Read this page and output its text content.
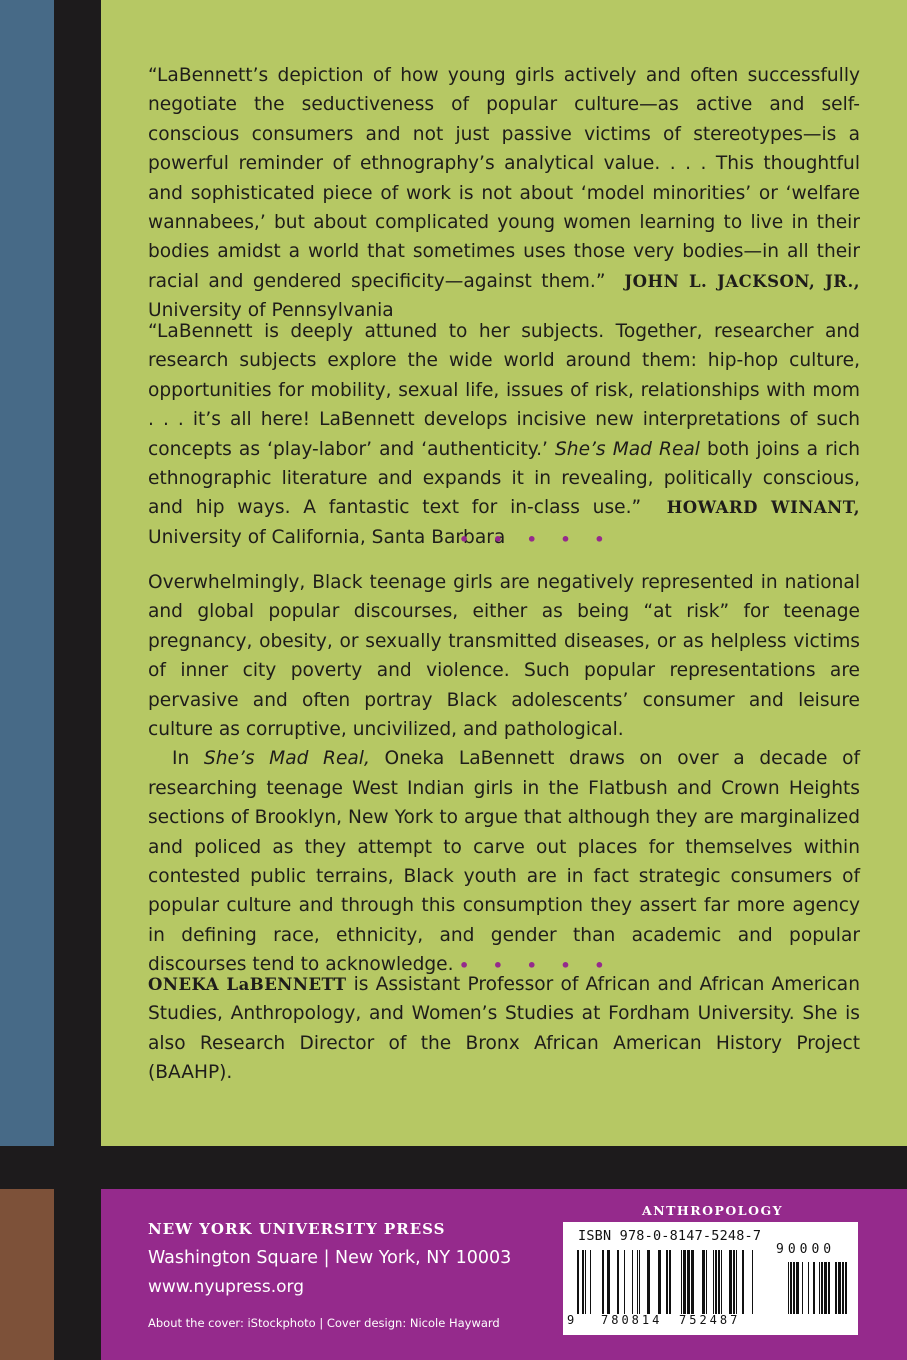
“LaBennett’s depiction of how young girls actively and often successfully negotiate the seductiveness of popular culture—as active and self-conscious consumers and not just passive victims of stereotypes—is a powerful reminder of ethnography’s analytical value. . . . This thoughtful and sophisticated piece of work is not about ‘model minorities’ or ‘welfare wannabees,’ but about complicated young women learning to live in their bodies amidst a world that sometimes uses those very bodies—in all their racial and gendered specificity—against them.” JOHN L. JACKSON, JR., University of Pennsylvania

“LaBennett is deeply attuned to her subjects. Together, researcher and research subjects explore the wide world around them: hip-hop culture, opportunities for mobility, sexual life, issues of risk, relationships with mom . . . it’s all here! LaBennett develops incisive new interpretations of such concepts as ‘play-labor’ and ‘authenticity.’ She’s Mad Real both joins a rich ethnographic literature and expands it in revealing, politically conscious, and hip ways. A fantastic text for in-class use.” HOWARD WINANT, University of California, Santa Barbara

• • • • •

Overwhelmingly, Black teenage girls are negatively represented in national and global popular discourses, either as being “at risk” for teenage pregnancy, obesity, or sexually transmitted diseases, or as helpless victims of inner city poverty and violence. Such popular representations are pervasive and often portray Black adolescents’ consumer and leisure culture as corruptive, uncivilized, and pathological.

In She’s Mad Real, Oneka LaBennett draws on over a decade of researching teenage West Indian girls in the Flatbush and Crown Heights sections of Brooklyn, New York to argue that although they are marginalized and policed as they attempt to carve out places for themselves within contested public terrains, Black youth are in fact strategic consumers of popular culture and through this consumption they assert far more agency in defining race, ethnicity, and gender than academic and popular discourses tend to acknowledge. • • • • •

ONEKA LaBENNETT is Assistant Professor of African and African American Studies, Anthropology, and Women’s Studies at Fordham University. She is also Research Director of the Bronx African American History Project (BAAHP).

NEW YORK UNIVERSITY PRESS
Washington Square | New York, NY 10003
www.nyupress.org
About the cover: iStockphoto | Cover design: Nicole Hayward
ANTHROPOLOGY
ISBN 978-0-8147-5248-7
9 780814 752487
90000
